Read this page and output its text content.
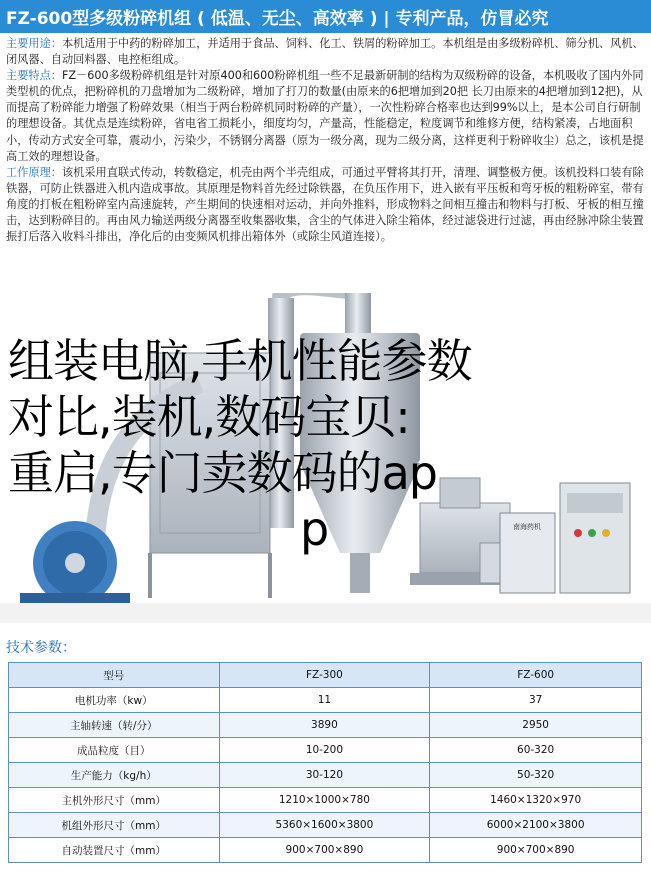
FZ-600型多级粉碎机组 ( 低温、无尘、高效率 ) | 专利产品，仿冒必究
主要用途：本机适用于中药的粉碎加工，并适用于食品、饲料、化工、铁屑的粉碎加工。本机组是由多级粉碎机、筛分机、风机、闭风器、自动回料器、电控柜组成。
主要特点：FZ－600多级粉碎机组是针对原400和600粉碎机组一些不足最新研制的结构为双级粉碎的设备，本机吸收了国内外同类型机的优点，把粉碎机的刀盘增加为二级粉碎，增加了打刀的数量(由原来的6把增加到20把 长刀由原来的4把增加到12把)，从而提高了粉碎能力增强了粉碎效果（相当于两台粉碎机同时粉碎的产量），一次性粉碎合格率也达到99%以上，是本公司自行研制的理想设备。其优点是连续粉碎，省电省工损耗小，细度均匀，产量高，性能稳定，粒度调节和维修方便，结构紧凑，占地面积小，传动方式安全可靠，震动小，污染少，不锈钢分离器（原为一级分离，现为二级分离，这样更利于粉碎收尘）总之，该机是提高工效的理想设备。
工作原理：该机采用直联式传动，转数稳定，机壳由两个半壳组成，可通过平臂将其打开，清理、调整极方便。该机投料口装有除铁器，可防止铁器进入机内造成事故。其原理是物料首先经过除铁器，在负压作用下，进入嵌有平压板和弯牙板的粗粉碎室，带有角度的打板在粗粉碎室内高速旋转，产生期间的快速相对运动，并向外推料，形成物料之间相互撞击和物料与打板、牙板的相互撞击，达到粉碎目的。再由风力输送两级分离器至收集器收集，含尘的气体进入除尘箱体，经过滤袋进行过滤，再由经脉冲除尘装置振打后落入收料斗排出，净化后的由变频风机排出箱体外（或除尘风道连接）。
南海药机
组装电脑,手机性能参数
对比,装机,数码宝贝:
重启,专门卖数码的ap
p
技术参数：
型号	FZ-300	FZ-600
电机功率（kw）	11	37
主轴转速（转/分）	3890	2950
成品粒度（目）	10-200	60-320
生产能力（kg/h）	30-120	50-320
主机外形尺寸（mm）	1210×1000×780	1460×1320×970
机组外形尺寸（mm）	5360×1600×3800	6000×2100×3800
自动装置尺寸（mm）	900×700×890	900×700×890
